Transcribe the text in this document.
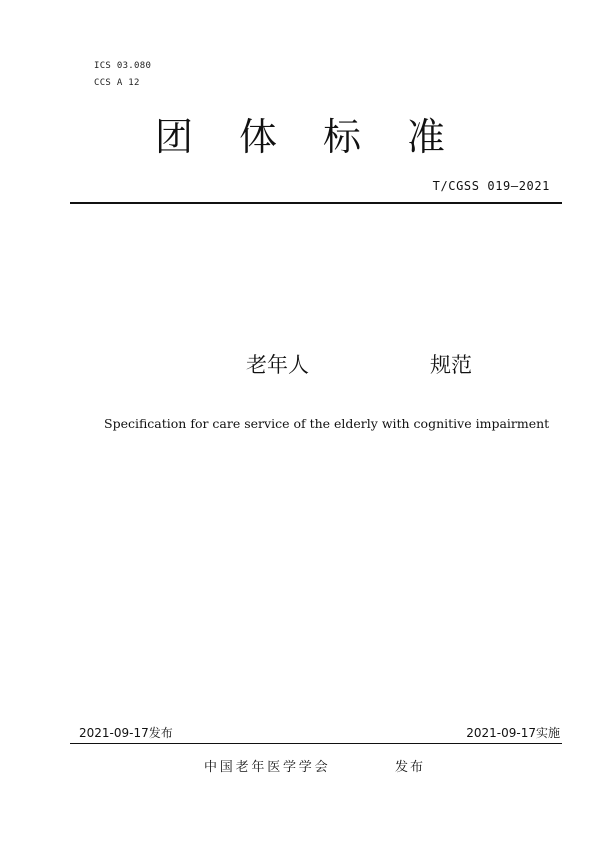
ICS 03.080
CCS A 12
团	体	标	准
T/CGSS 019—2021
老年人	规范
Specification for care service of the elderly with cognitive impairment
2021-09-17发布	2021-09-17实施
中国老年医学学会	发布
